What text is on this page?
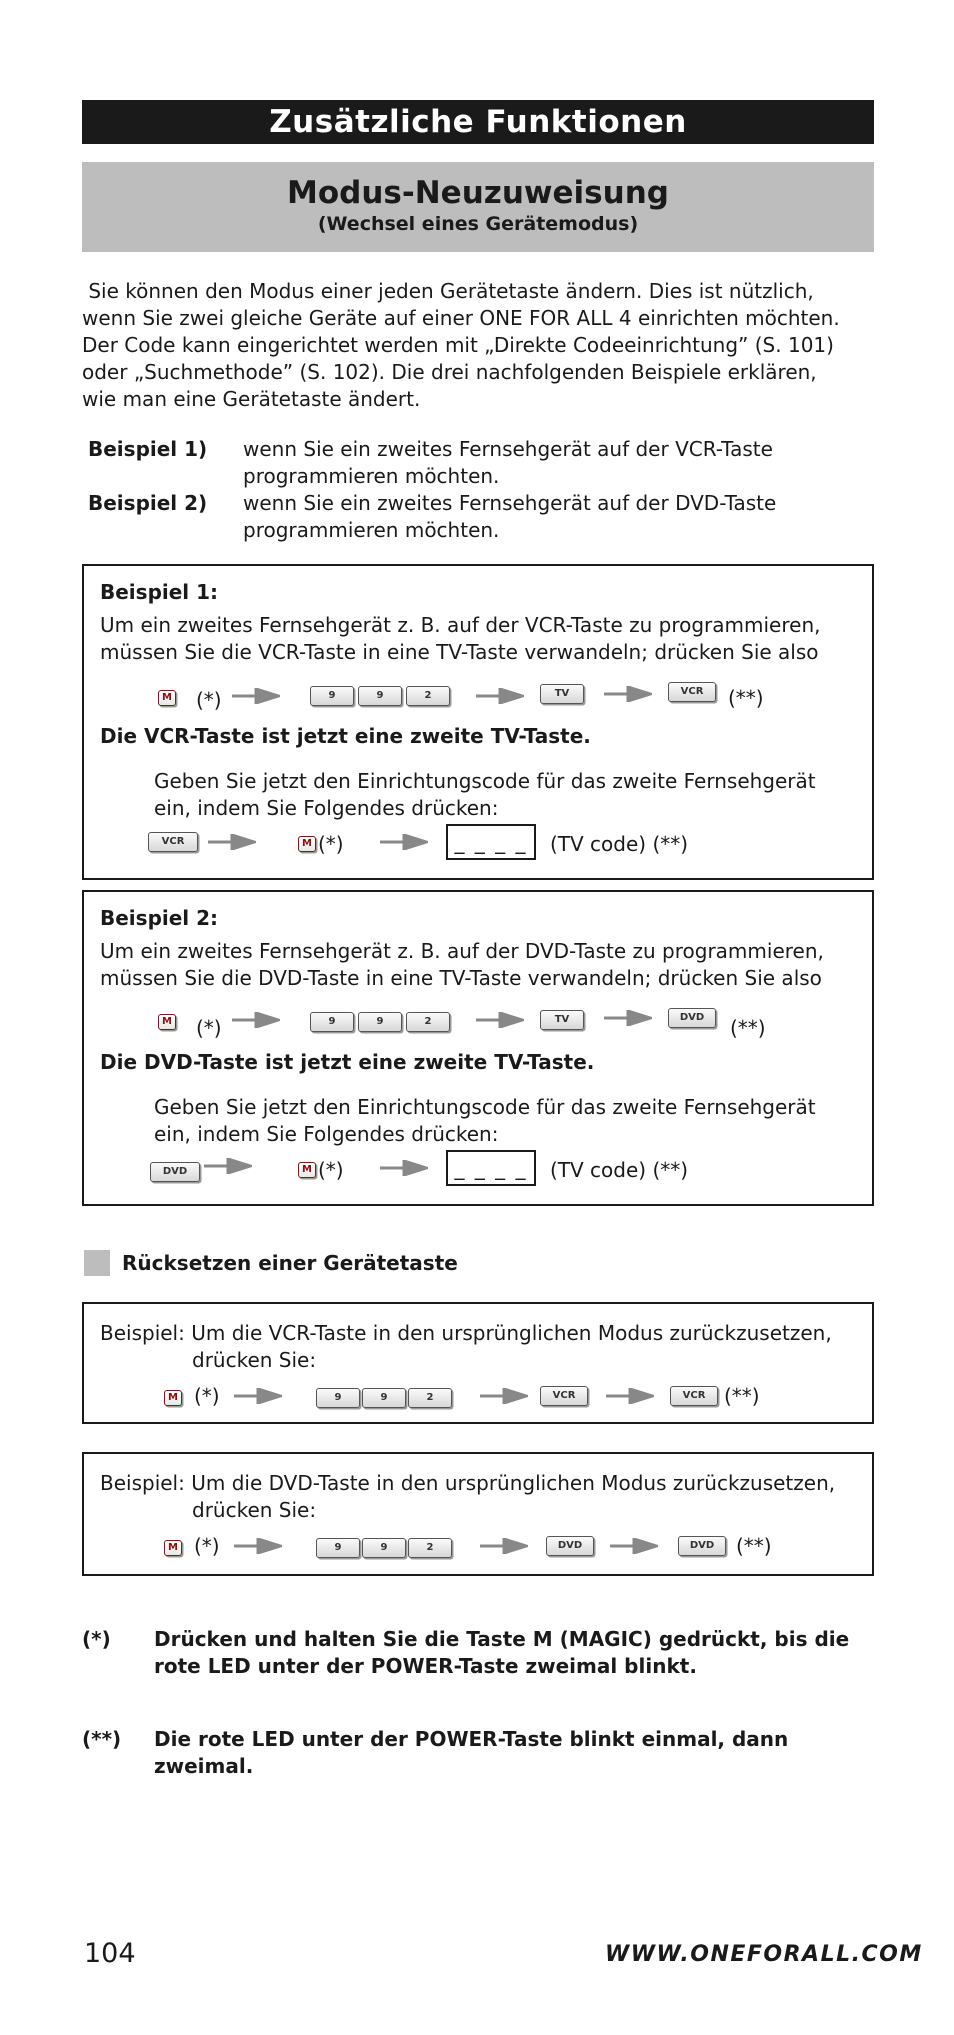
Zusätzliche Funktionen
Modus-Neuzuweisung
(Wechsel eines Gerätemodus)
Sie können den Modus einer jeden Gerätetaste ändern. Dies ist nützlich,
wenn Sie zwei gleiche Geräte auf einer ONE FOR ALL 4 einrichten möchten.
Der Code kann eingerichtet werden mit „Direkte Codeeinrichtung” (S. 101)
oder „Suchmethode” (S. 102). Die drei nachfolgenden Beispiele erklären,
wie man eine Gerätetaste ändert.
Beispiel 1)	wenn Sie ein zweites Fernsehgerät auf der VCR-Taste
programmieren möchten.
Beispiel 2)	wenn Sie ein zweites Fernsehgerät auf der DVD-Taste
programmieren möchten.
Beispiel 1:
Um ein zweites Fernsehgerät z. B. auf der VCR-Taste zu programmieren,
müssen Sie die VCR-Taste in eine TV-Taste verwandeln; drücken Sie also
M (*)	9	9	2	TV	VCR	(**)
Die VCR-Taste ist jetzt eine zweite TV-Taste.
Geben Sie jetzt den Einrichtungscode für das zweite Fernsehgerät
ein, indem Sie Folgendes drücken:
VCR	M (*)	_ _ _ _	(TV code) (**)
Beispiel 2:
Um ein zweites Fernsehgerät z. B. auf der DVD-Taste zu programmieren,
müssen Sie die DVD-Taste in eine TV-Taste verwandeln; drücken Sie also
M (*)	9	9	2	TV	DVD	(**)
Die DVD-Taste ist jetzt eine zweite TV-Taste.
Geben Sie jetzt den Einrichtungscode für das zweite Fernsehgerät
ein, indem Sie Folgendes drücken:
DVD	M (*)	_ _ _ _	(TV code) (**)
Rücksetzen einer Gerätetaste
Beispiel: Um die VCR-Taste in den ursprünglichen Modus zurückzusetzen,
drücken Sie:
M (*)	9	9	2	VCR	VCR (**)
Beispiel: Um die DVD-Taste in den ursprünglichen Modus zurückzusetzen,
drücken Sie:
M (*)	9	9	2	DVD	DVD	(**)
(*)	Drücken und halten Sie die Taste M (MAGIC) gedrückt, bis die
rote LED unter der POWER-Taste zweimal blinkt.
(**)	Die rote LED unter der POWER-Taste blinkt einmal, dann
zweimal.
104	WWW.ONEFORALL.COM
